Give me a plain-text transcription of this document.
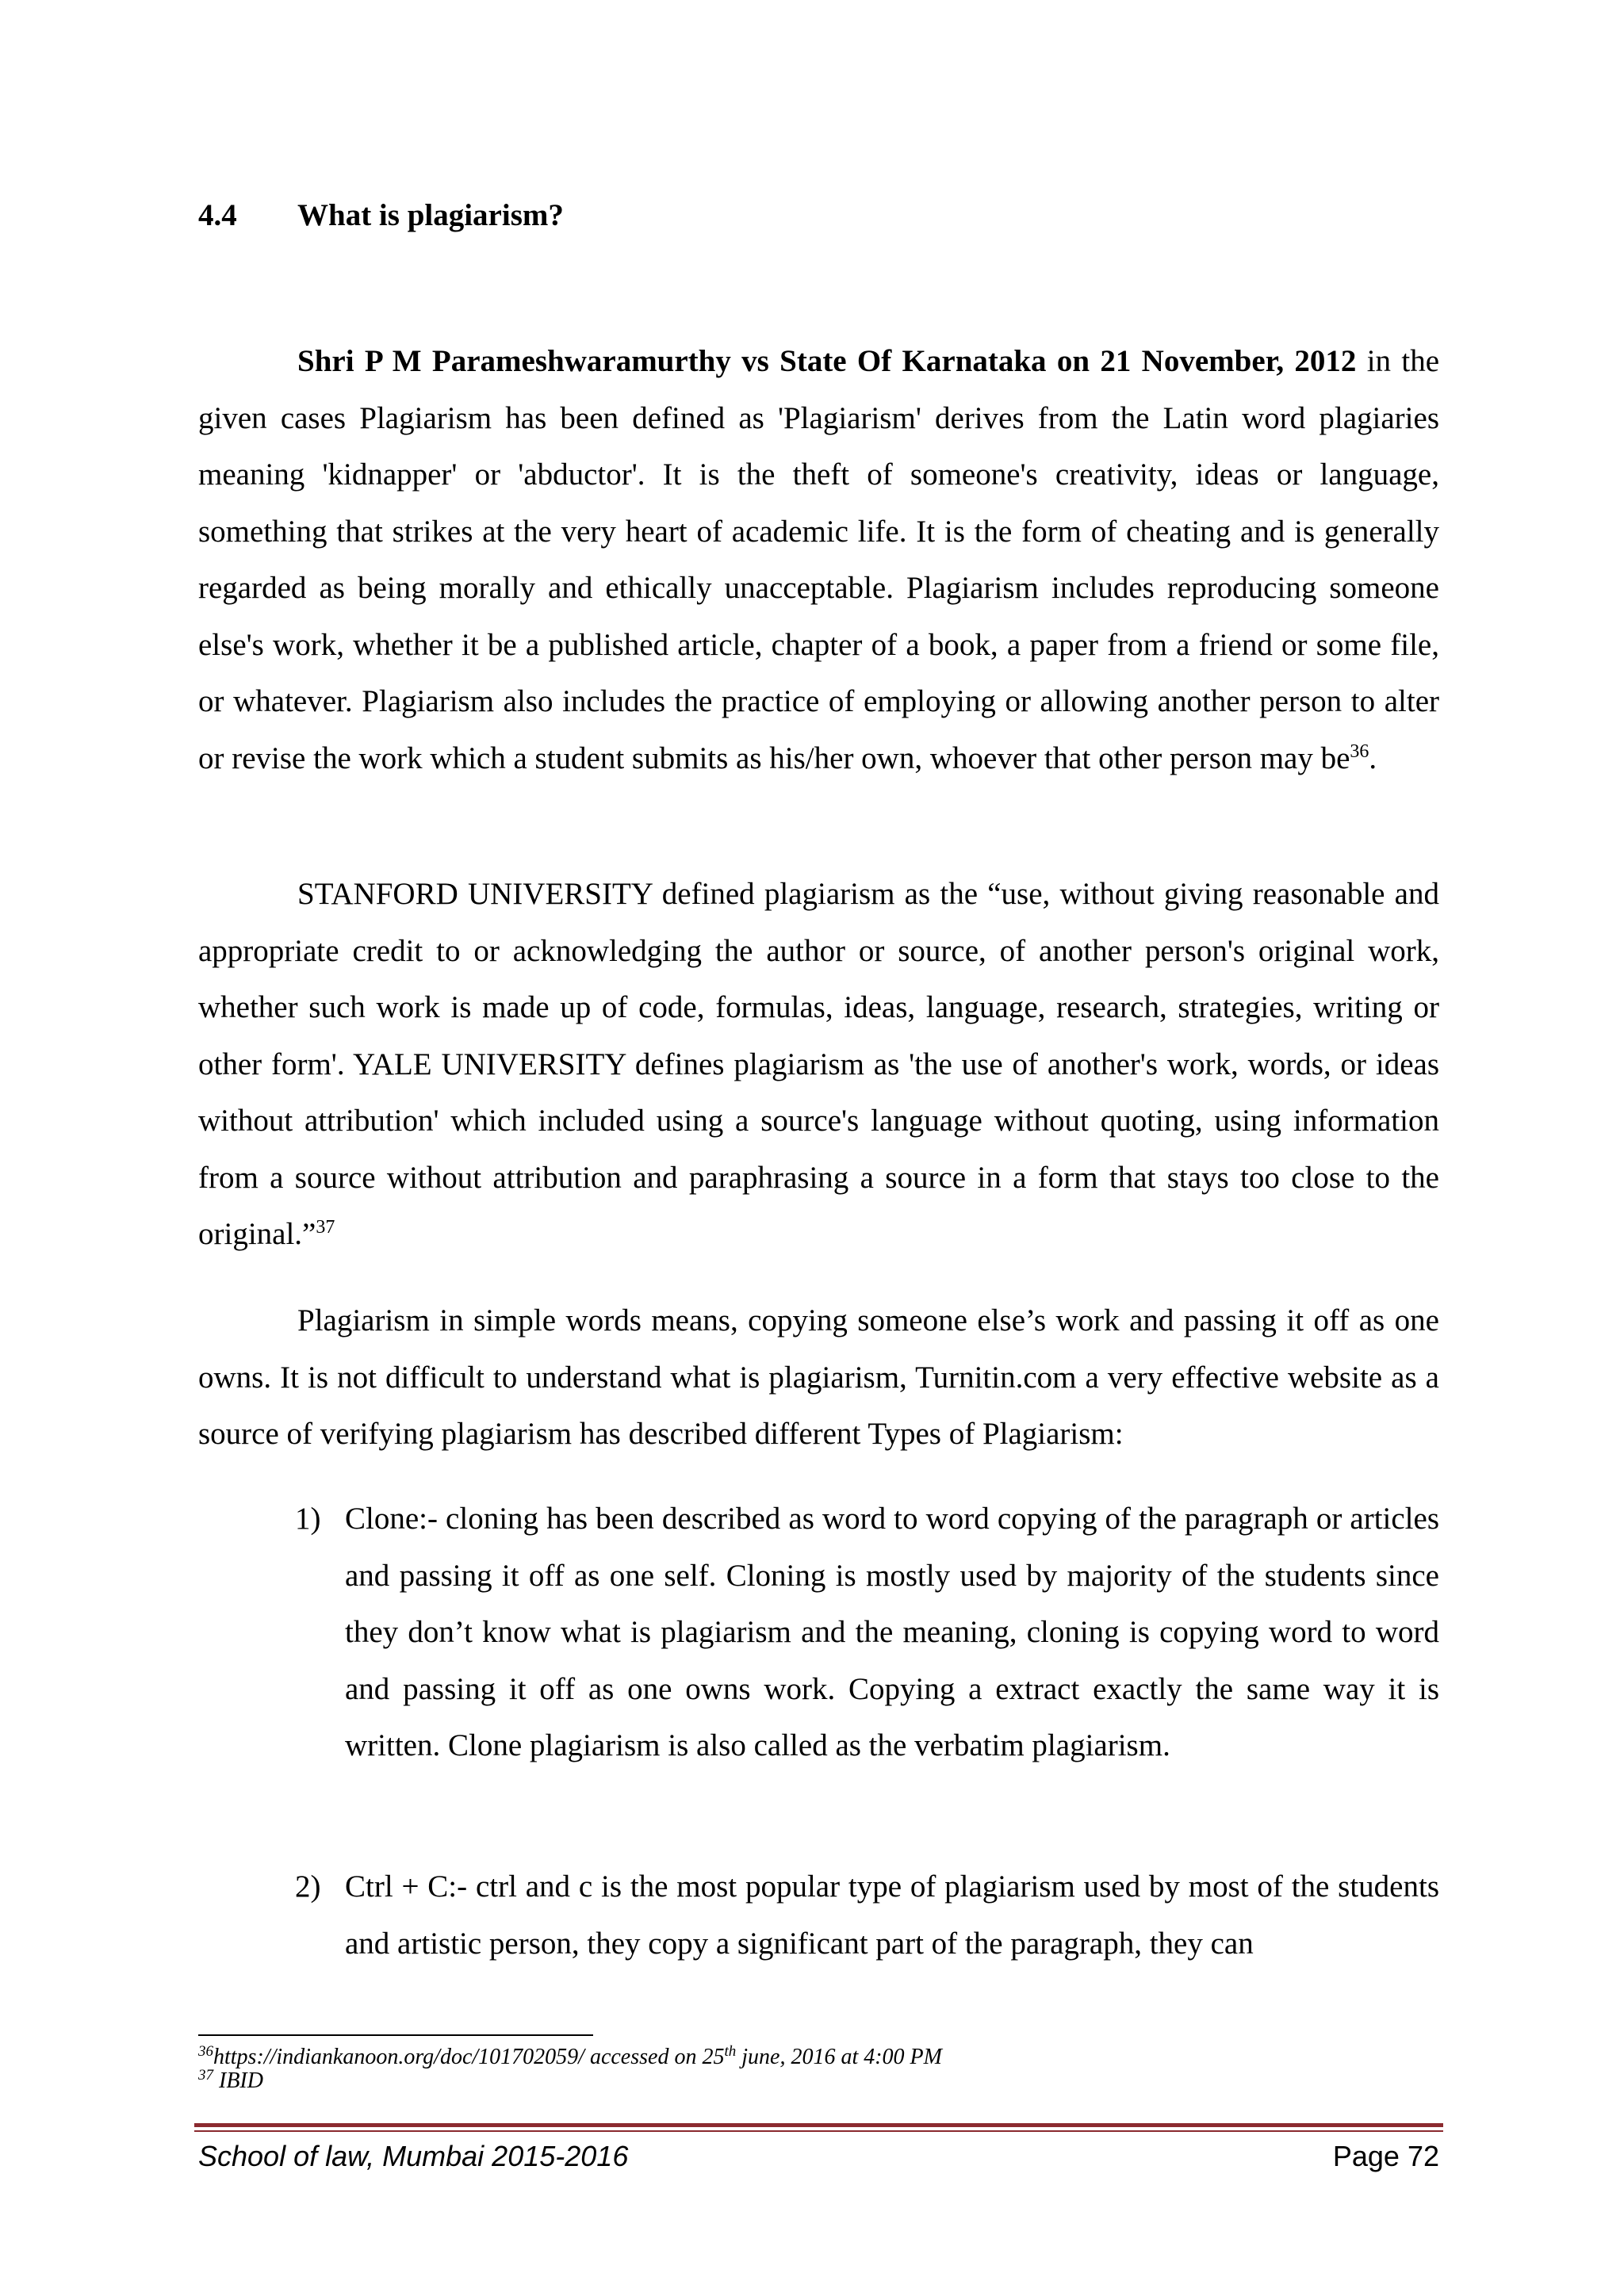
4.4 What is plagiarism?

Shri P M Parameshwaramurthy vs State Of Karnataka on 21 November, 2012 in the given cases Plagiarism has been defined as 'Plagiarism' derives from the Latin word plagiaries meaning 'kidnapper' or 'abductor'. It is the theft of someone's creativity, ideas or language, something that strikes at the very heart of academic life. It is the form of cheating and is generally regarded as being morally and ethically unacceptable. Plagiarism includes reproducing someone else's work, whether it be a published article, chapter of a book, a paper from a friend or some file, or whatever. Plagiarism also includes the practice of employing or allowing another person to alter or revise the work which a student submits as his/her own, whoever that other person may $be^{36}$.

STANFORD UNIVERSITY defined plagiarism as the “use, without giving reasonable and appropriate credit to or acknowledging the author or source, of another person's original work, whether such work is made up of code, formulas, ideas, language, research, strategies, writing or other form'. YALE UNIVERSITY defines plagiarism as 'the use of another's work, words, or ideas without attribution' which included using a source's language without quoting, using information from a source without attribution and paraphrasing a source in a form that stays too close to the original.”$^{37}$

Plagiarism in simple words means, copying someone else’s work and passing it off as one owns. It is not difficult to understand what is plagiarism, Turnitin.com a very effective website as a source of verifying plagiarism has described different Types of Plagiarism:

1) Clone:- cloning has been described as word to word copying of the paragraph or articles and passing it off as one self. Cloning is mostly used by majority of the students since they don’t know what is plagiarism and the meaning, cloning is copying word to word and passing it off as one owns work. Copying a extract exactly the same way it is written. Clone plagiarism is also called as the verbatim plagiarism.
2) Ctrl + C:- ctrl and c is the most popular type of plagiarism used by most of the students and artistic person, they copy a significant part of the paragraph, they can
$^{36}$https://indiankanoon.org/doc/101702059/ accessed on 25th june, 2016 at 4:00 PM
$^{37}$ IBID
School of law, Mumbai 2015-2016	Page 72
